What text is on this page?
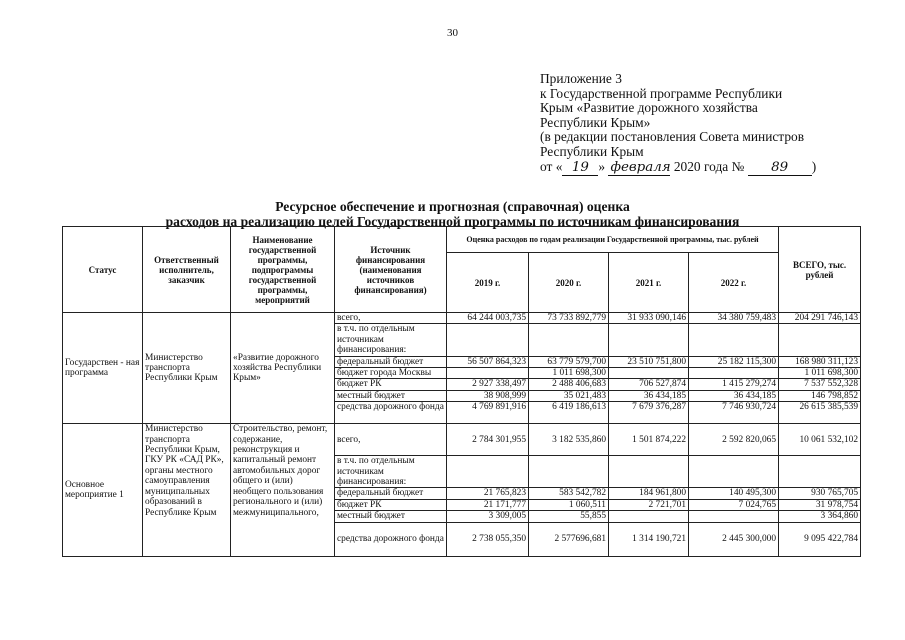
30
Приложение 3
к Государственной программе Республики
Крым «Развитие дорожного хозяйства
Республики Крым»
(в редакции постановления Совета министров
Республики Крым
от « 19 » февраля 2020 года № 89 )
Ресурсное обеспечение и прогнозная (справочная) оценка
расходов на реализацию целей Государственной программы по источникам финансирования
Статус	Ответственный исполнитель, заказчик	Наименование государственной программы, подпрограммы государственной программы, мероприятий	Источник финансирования (наименования источников финансирования)	Оценка расходов по годам реализации Государственной программы, тыс. рублей				ВСЕГО, тыс. рублей
				2019 г.	2020 г.	2021 г.	2022 г.	
Государствен - ная программа	Министерство транспорта Республики Крым	«Развитие дорожного хозяйства Республики Крым»	всего,	64 244 003,735	73 733 892,779	31 933 090,146	34 380 759,483	204 291 746,143
			в т.ч. по отдельным источникам финансирования:					
			федеральный бюджет	56 507 864,323	63 779 579,700	23 510 751,800	25 182 115,300	168 980 311,123
			бюджет города Москвы		1 011 698,300			1 011 698,300
			бюджет РК	2 927 338,497	2 488 406,683	706 527,874	1 415 279,274	7 537 552,328
			местный бюджет	38 908,999	35 021,483	36 434,185	36 434,185	146 798,852
			средства дорожного фонда	4 769 891,916	6 419 186,613	7 679 376,287	7 746 930,724	26 615 385,539
Основное мероприятие 1	Министерство транспорта Республики Крым, ГКУ РК «САД РК», органы местного самоуправления муниципальных образований в Республике Крым	Строительство, ремонт, содержание, реконструкция и капитальный ремонт автомобильных дорог общего и (или) необщего пользования регионального и (или) межмуниципального,	всего,	2 784 301,955	3 182 535,860	1 501 874,222	2 592 820,065	10 061 532,102
			в т.ч. по отдельным источникам финансирования:					
			федеральный бюджет	21 765,823	583 542,782	184 961,800	140 495,300	930 765,705
			бюджет РК	21 171,777	1 060,511	2 721,701	7 024,765	31 978,754
			местный бюджет	3 309,005	55,855			3 364,860
			средства дорожного фонда	2 738 055,350	2 577696,681	1 314 190,721	2 445 300,000	9 095 422,784
